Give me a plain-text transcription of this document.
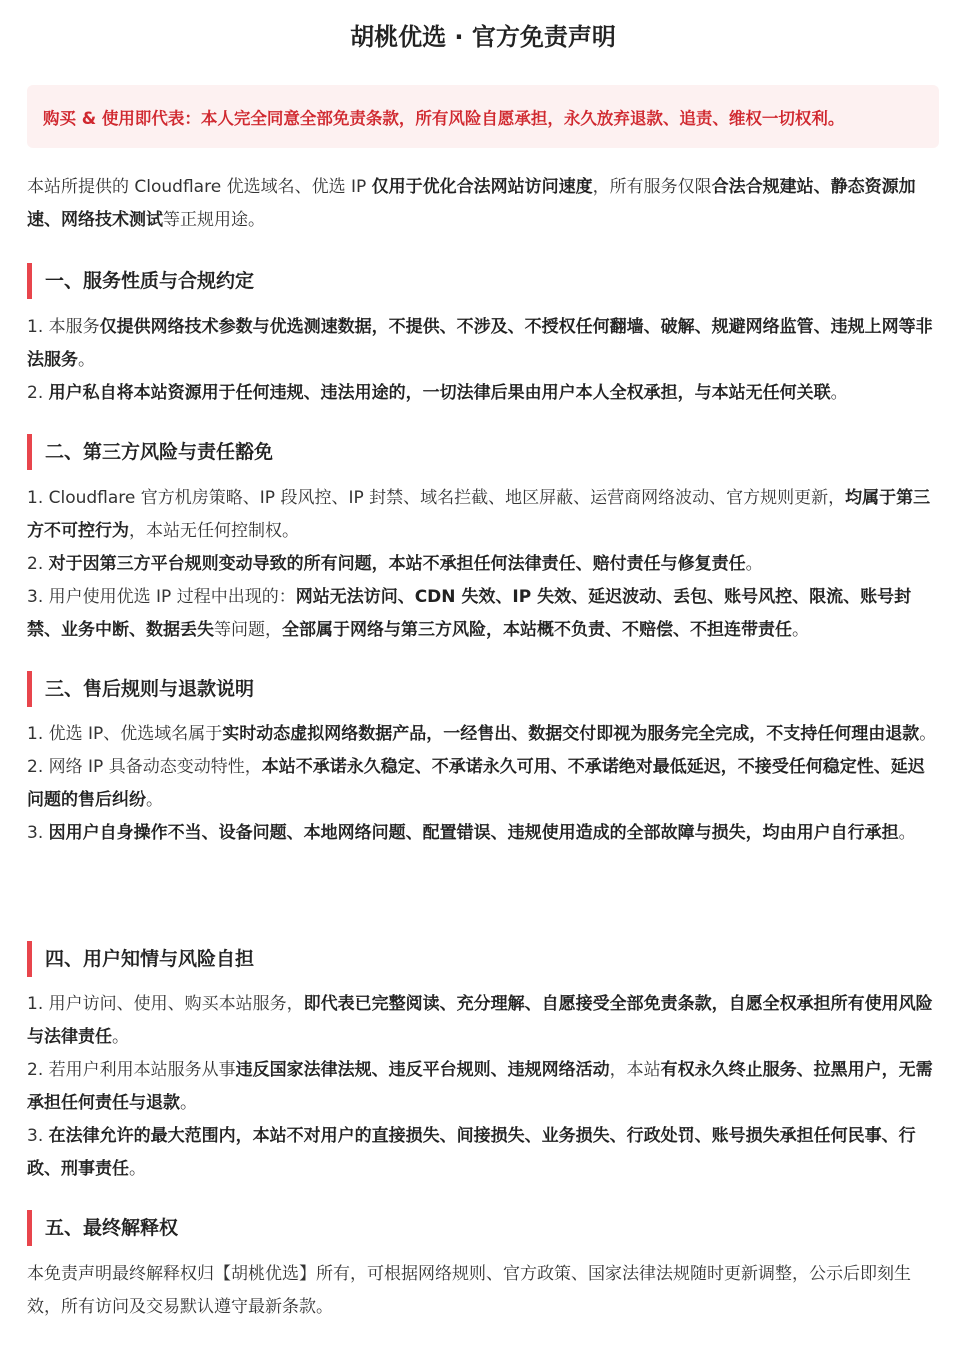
胡桃优选 · 官方免责声明
购买 & 使用即代表：本人完全同意全部免责条款，所有风险自愿承担，永久放弃退款、追责、维权一切权利。

本站所提供的 Cloudflare 优选域名、优选 IP 仅用于优化合法网站访问速度，所有服务仅限合法合规建站、静态资源加速、网络技术测试等正规用途。

一、服务性质与合规约定

1. 本服务仅提供网络技术参数与优选测速数据，不提供、不涉及、不授权任何翻墙、破解、规避网络监管、违规上网等非法服务。

2. 用户私自将本站资源用于任何违规、违法用途的，一切法律后果由用户本人全权承担，与本站无任何关联。

二、第三方风险与责任豁免

1. Cloudflare 官方机房策略、IP 段风控、IP 封禁、域名拦截、地区屏蔽、运营商网络波动、官方规则更新，均属于第三方不可控行为，本站无任何控制权。

2. 对于因第三方平台规则变动导致的所有问题，本站不承担任何法律责任、赔付责任与修复责任。

3. 用户使用优选 IP 过程中出现的：网站无法访问、CDN 失效、IP 失效、延迟波动、丢包、账号风控、限流、账号封禁、业务中断、数据丢失等问题，全部属于网络与第三方风险，本站概不负责、不赔偿、不担连带责任。

三、售后规则与退款说明

1. 优选 IP、优选域名属于实时动态虚拟网络数据产品，一经售出、数据交付即视为服务完全完成，不支持任何理由退款。

2. 网络 IP 具备动态变动特性，本站不承诺永久稳定、不承诺永久可用、不承诺绝对最低延迟，不接受任何稳定性、延迟问题的售后纠纷。

3. 因用户自身操作不当、设备问题、本地网络问题、配置错误、违规使用造成的全部故障与损失，均由用户自行承担。

四、用户知情与风险自担

1. 用户访问、使用、购买本站服务，即代表已完整阅读、充分理解、自愿接受全部免责条款，自愿全权承担所有使用风险与法律责任。

2. 若用户利用本站服务从事违反国家法律法规、违反平台规则、违规网络活动，本站有权永久终止服务、拉黑用户，无需承担任何责任与退款。

3. 在法律允许的最大范围内，本站不对用户的直接损失、间接损失、业务损失、行政处罚、账号损失承担任何民事、行政、刑事责任。

五、最终解释权

本免责声明最终解释权归【胡桃优选】所有，可根据网络规则、官方政策、国家法律法规随时更新调整，公示后即刻生效，所有访问及交易默认遵守最新条款。
